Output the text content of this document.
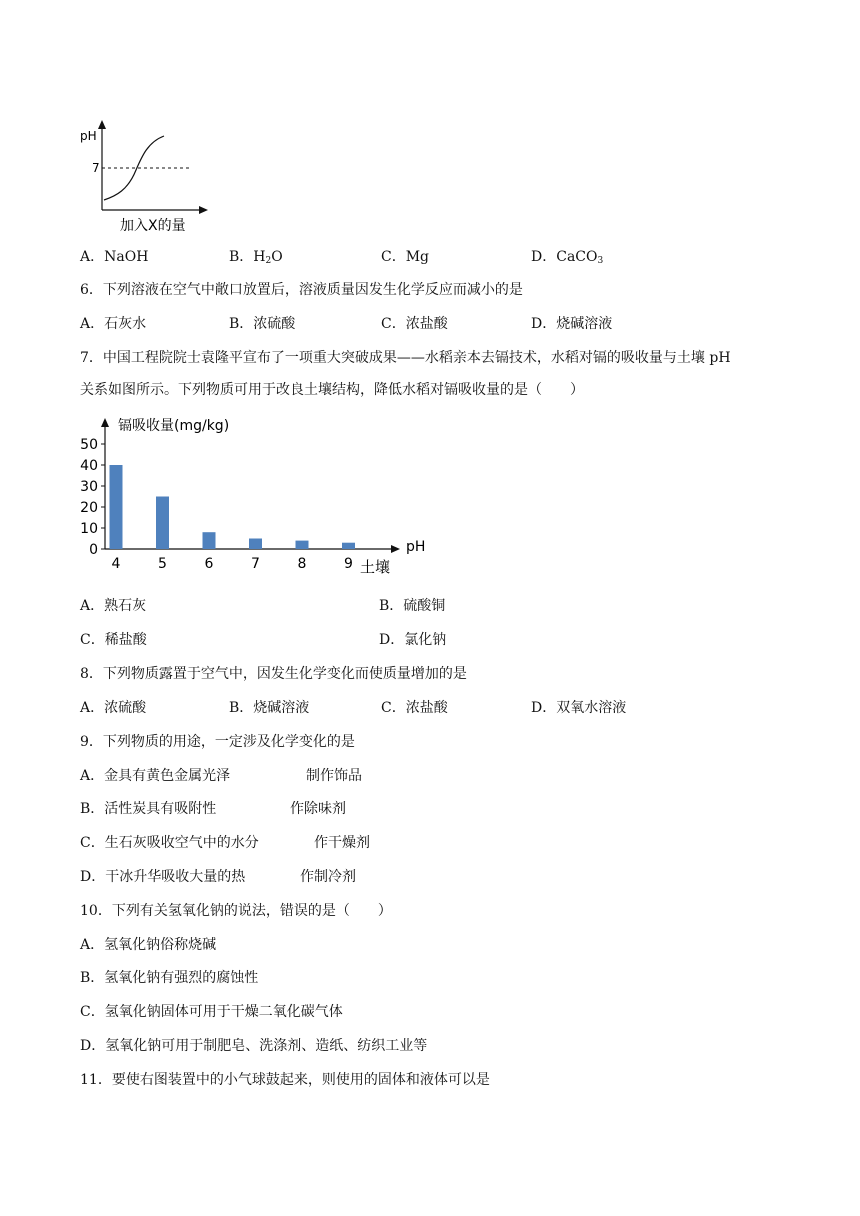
pH
7
加入X的量
A．NaOH	B．$H_2O$	C．Mg	D．CaCO$_3$
6．下列溶液在空气中敞口放置后，溶液质量因发生化学反应而减小的是
A．石灰水	B．浓硫酸	C．浓盐酸	D．烧碱溶液
7．中国工程院院士袁隆平宣布了一项重大突破成果——水稻亲本去镉技术，水稻对镉的吸收量与土壤 pH
关系如图所示。下列物质可用于改良土壤结构，降低水稻对镉吸收量的是（　　）
镉吸收量(mg/kg)
pH
土壤
0
10
20
30
40
50
4	5	6	7	8	9
A．熟石灰	B．硫酸铜
C．稀盐酸	D．氯化钠
8．下列物质露置于空气中，因发生化学变化而使质量增加的是
A．浓硫酸	B．烧碱溶液	C．浓盐酸	D．双氧水溶液
9．下列物质的用途，一定涉及化学变化的是
A．金具有黄色金属光泽	制作饰品
B．活性炭具有吸附性	作除味剂
C．生石灰吸收空气中的水分	作干燥剂
D．干冰升华吸收大量的热	作制冷剂
10．下列有关氢氧化钠的说法，错误的是（　　）
A．氢氧化钠俗称烧碱
B．氢氧化钠有强烈的腐蚀性
C．氢氧化钠固体可用于干燥二氧化碳气体
D．氢氧化钠可用于制肥皂、洗涤剂、造纸、纺织工业等
11．要使右图装置中的小气球鼓起来，则使用的固体和液体可以是
